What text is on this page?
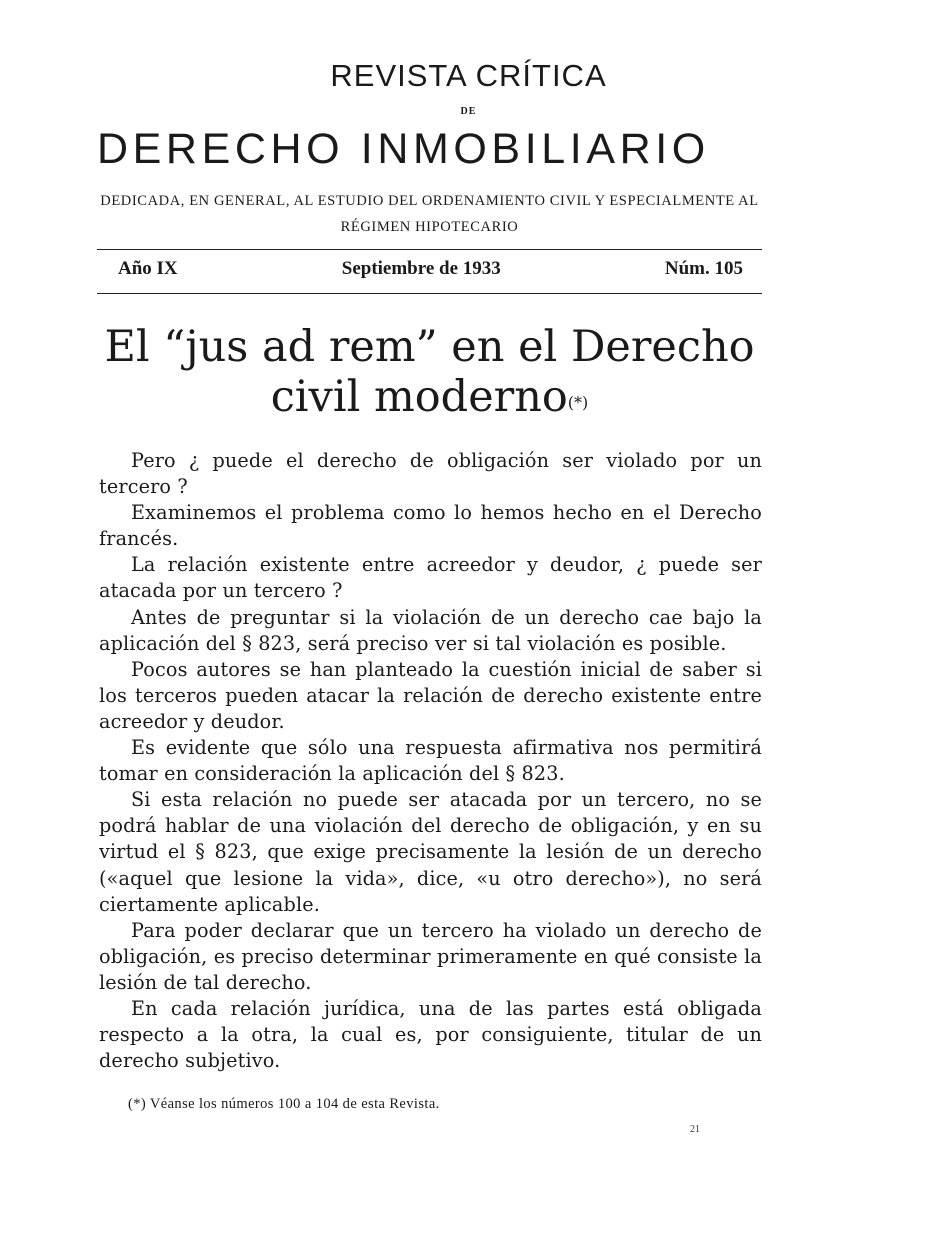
REVISTA CRÍTICA
DE
DERECHO INMOBILIARIO
DEDICADA, EN GENERAL, AL ESTUDIO DEL ORDENAMIENTO CIVIL Y ESPECIALMENTE AL RÉGIMEN HIPOTECARIO
Año IX	Septiembre de 1933	Núm. 105
El “jus ad rem” en el Derecho
civil moderno(*)

Pero ¿ puede el derecho de obligación ser violado por un tercero ?

Examinemos el problema como lo hemos hecho en el Derecho francés.

La relación existente entre acreedor y deudor, ¿ puede ser atacada por un tercero ?

Antes de preguntar si la violación de un derecho cae bajo la aplicación del § 823, será preciso ver si tal violación es posible.

Pocos autores se han planteado la cuestión inicial de saber si los terceros pueden atacar la relación de derecho existente entre acreedor y deudor.

Es evidente que sólo una respuesta afirmativa nos permitirá tomar en consideración la aplicación del § 823.

Si esta relación no puede ser atacada por un tercero, no se podrá hablar de una violación del derecho de obligación, y en su virtud el § 823, que exige precisamente la lesión de un derecho («aquel que lesione la vida», dice, «u otro derecho»), no será ciertamente aplicable.

Para poder declarar que un tercero ha violado un derecho de obligación, es preciso determinar primeramente en qué consiste la lesión de tal derecho.

En cada relación jurídica, una de las partes está obligada respecto a la otra, la cual es, por consiguiente, titular de un derecho subjetivo.

(*) Véanse los números 100 a 104 de esta Revista.
21
